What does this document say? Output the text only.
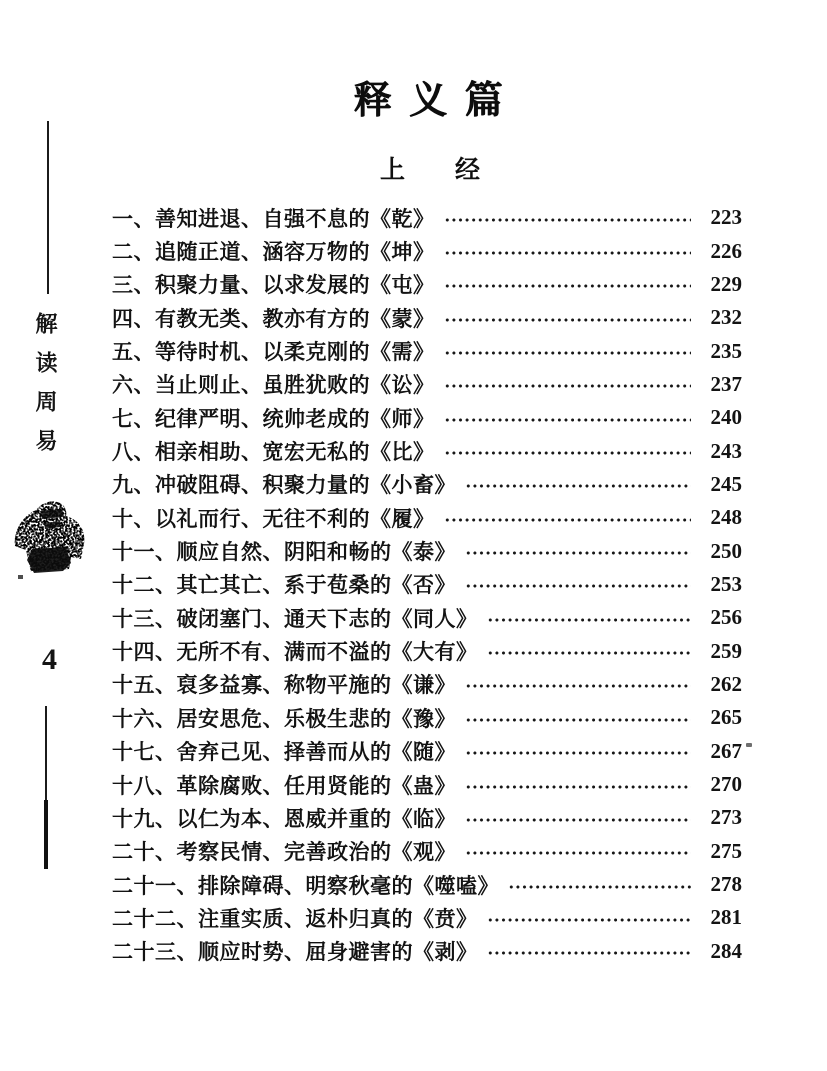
解读周易
4
释 义 篇
上　　经
一、善知进退、自强不息的《乾》	223
二、追随正道、涵容万物的《坤》	226
三、积聚力量、以求发展的《屯》	229
四、有教无类、教亦有方的《蒙》	232
五、等待时机、以柔克刚的《需》	235
六、当止则止、虽胜犹败的《讼》	237
七、纪律严明、统帅老成的《师》	240
八、相亲相助、宽宏无私的《比》	243
九、冲破阻碍、积聚力量的《小畜》	245
十、以礼而行、无往不利的《履》	248
十一、顺应自然、阴阳和畅的《泰》	250
十二、其亡其亡、系于苞桑的《否》	253
十三、破闭塞门、通天下志的《同人》	256
十四、无所不有、满而不溢的《大有》	259
十五、裒多益寡、称物平施的《谦》	262
十六、居安思危、乐极生悲的《豫》	265
十七、舍弃己见、择善而从的《随》	267
十八、革除腐败、任用贤能的《蛊》	270
十九、以仁为本、恩威并重的《临》	273
二十、考察民情、完善政治的《观》	275
二十一、排除障碍、明察秋毫的《噬嗑》	278
二十二、注重实质、返朴归真的《贲》	281
二十三、顺应时势、屈身避害的《剥》	284
